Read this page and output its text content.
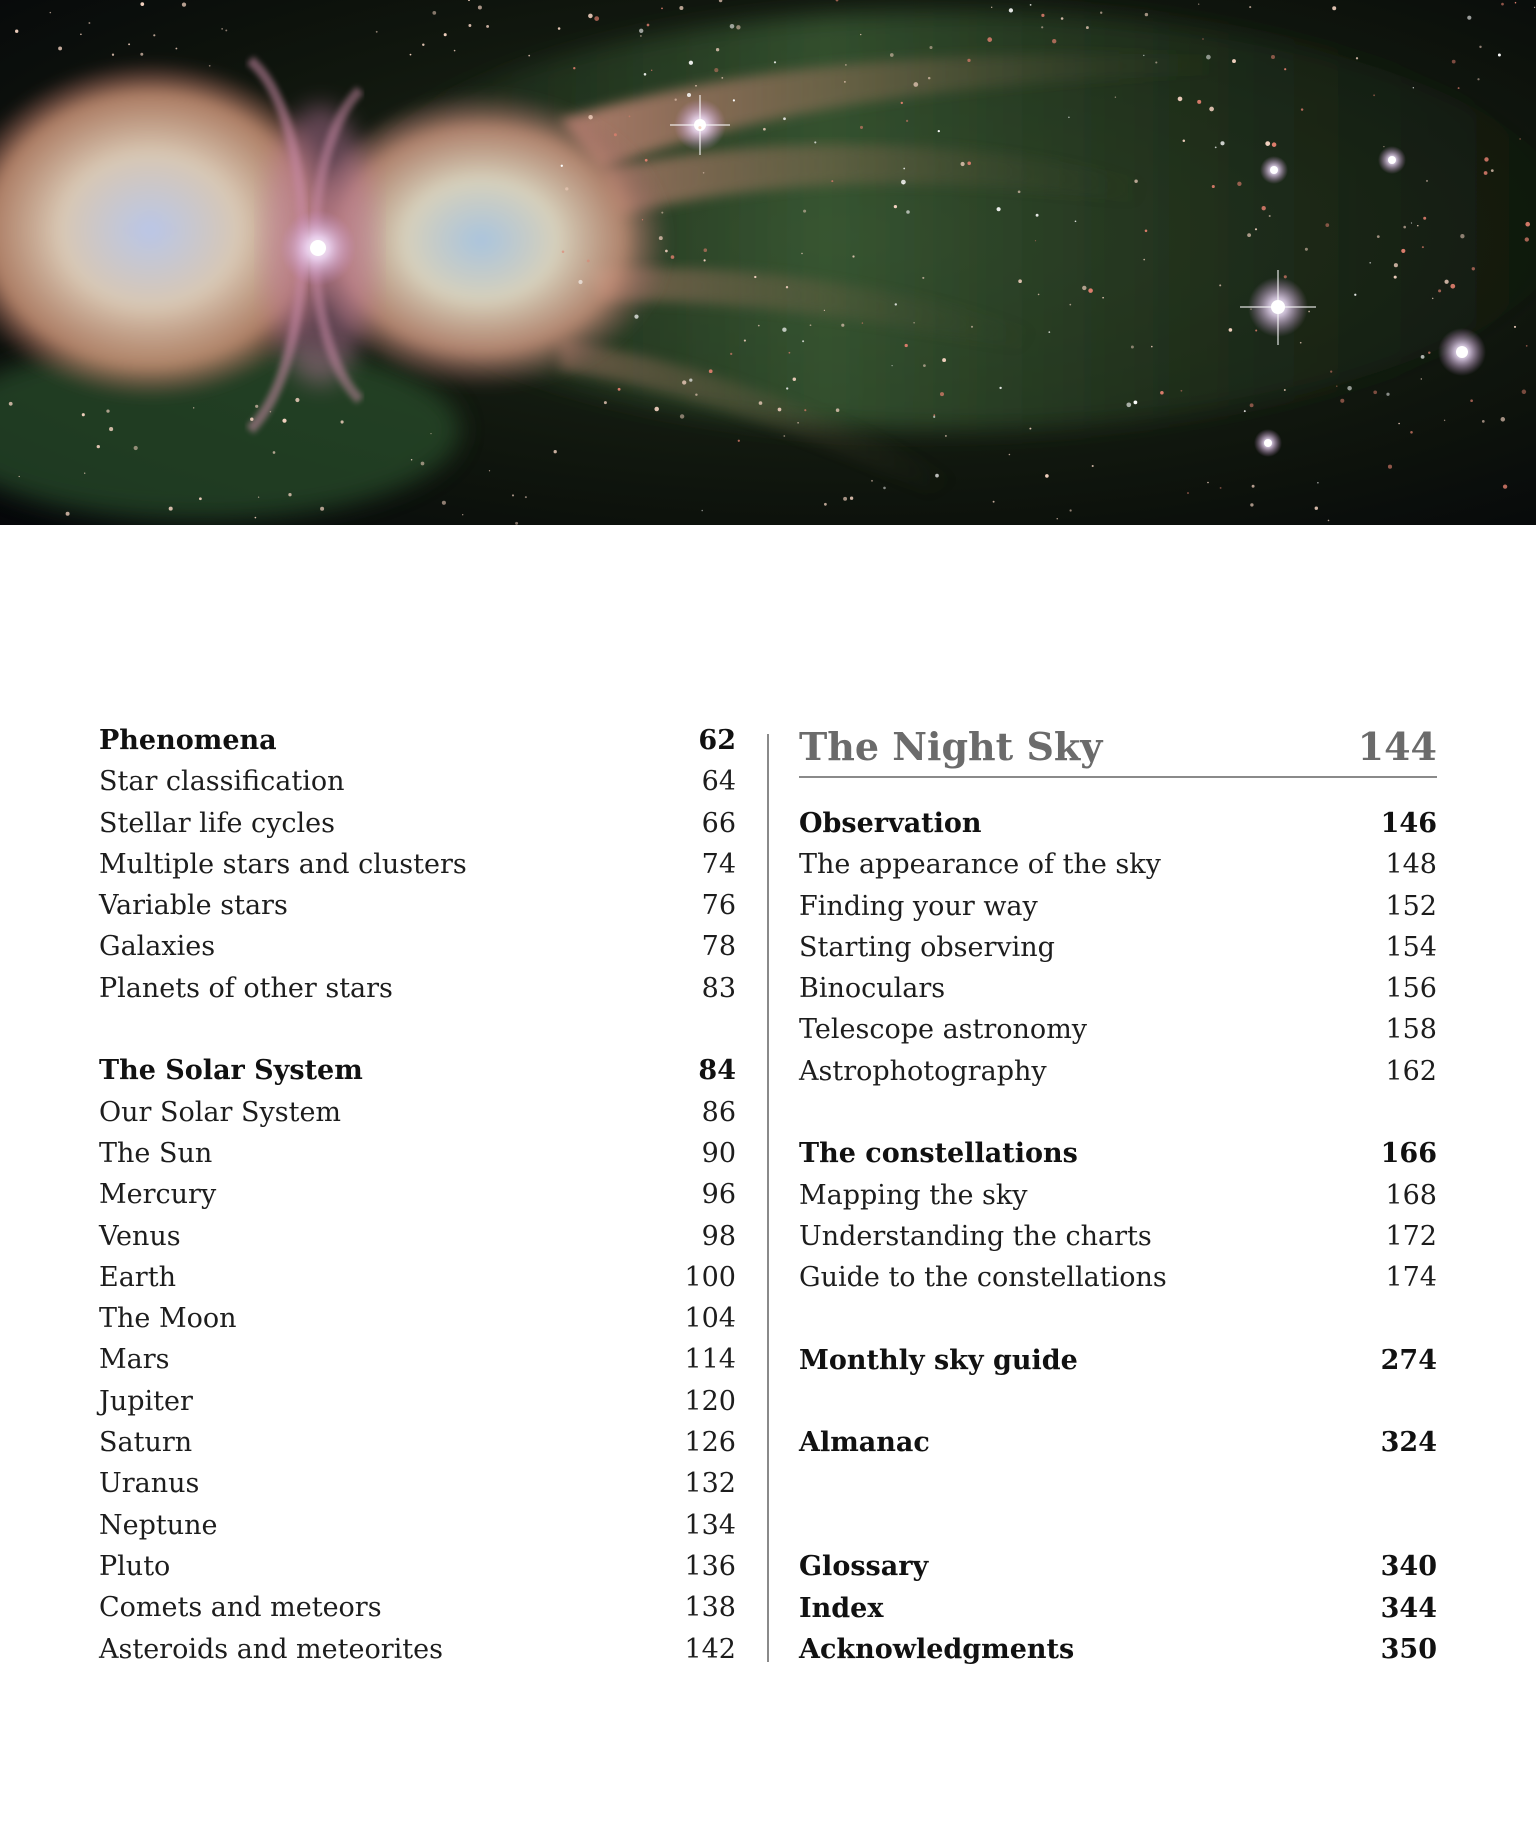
Phenomena	62
Star classification	64
Stellar life cycles	66
Multiple stars and clusters	74
Variable stars	76
Galaxies	78
Planets of other stars	83
The Solar System	84
Our Solar System	86
The Sun	90
Mercury	96
Venus	98
Earth	100
The Moon	104
Mars	114
Jupiter	120
Saturn	126
Uranus	132
Neptune	134
Pluto	136
Comets and meteors	138
Asteroids and meteorites	142
The Night Sky	144
Observation	146
The appearance of the sky	148
Finding your way	152
Starting observing	154
Binoculars	156
Telescope astronomy	158
Astrophotography	162
The constellations	166
Mapping the sky	168
Understanding the charts	172
Guide to the constellations	174
Monthly sky guide	274
Almanac	324
Glossary	340
Index	344
Acknowledgments	350
